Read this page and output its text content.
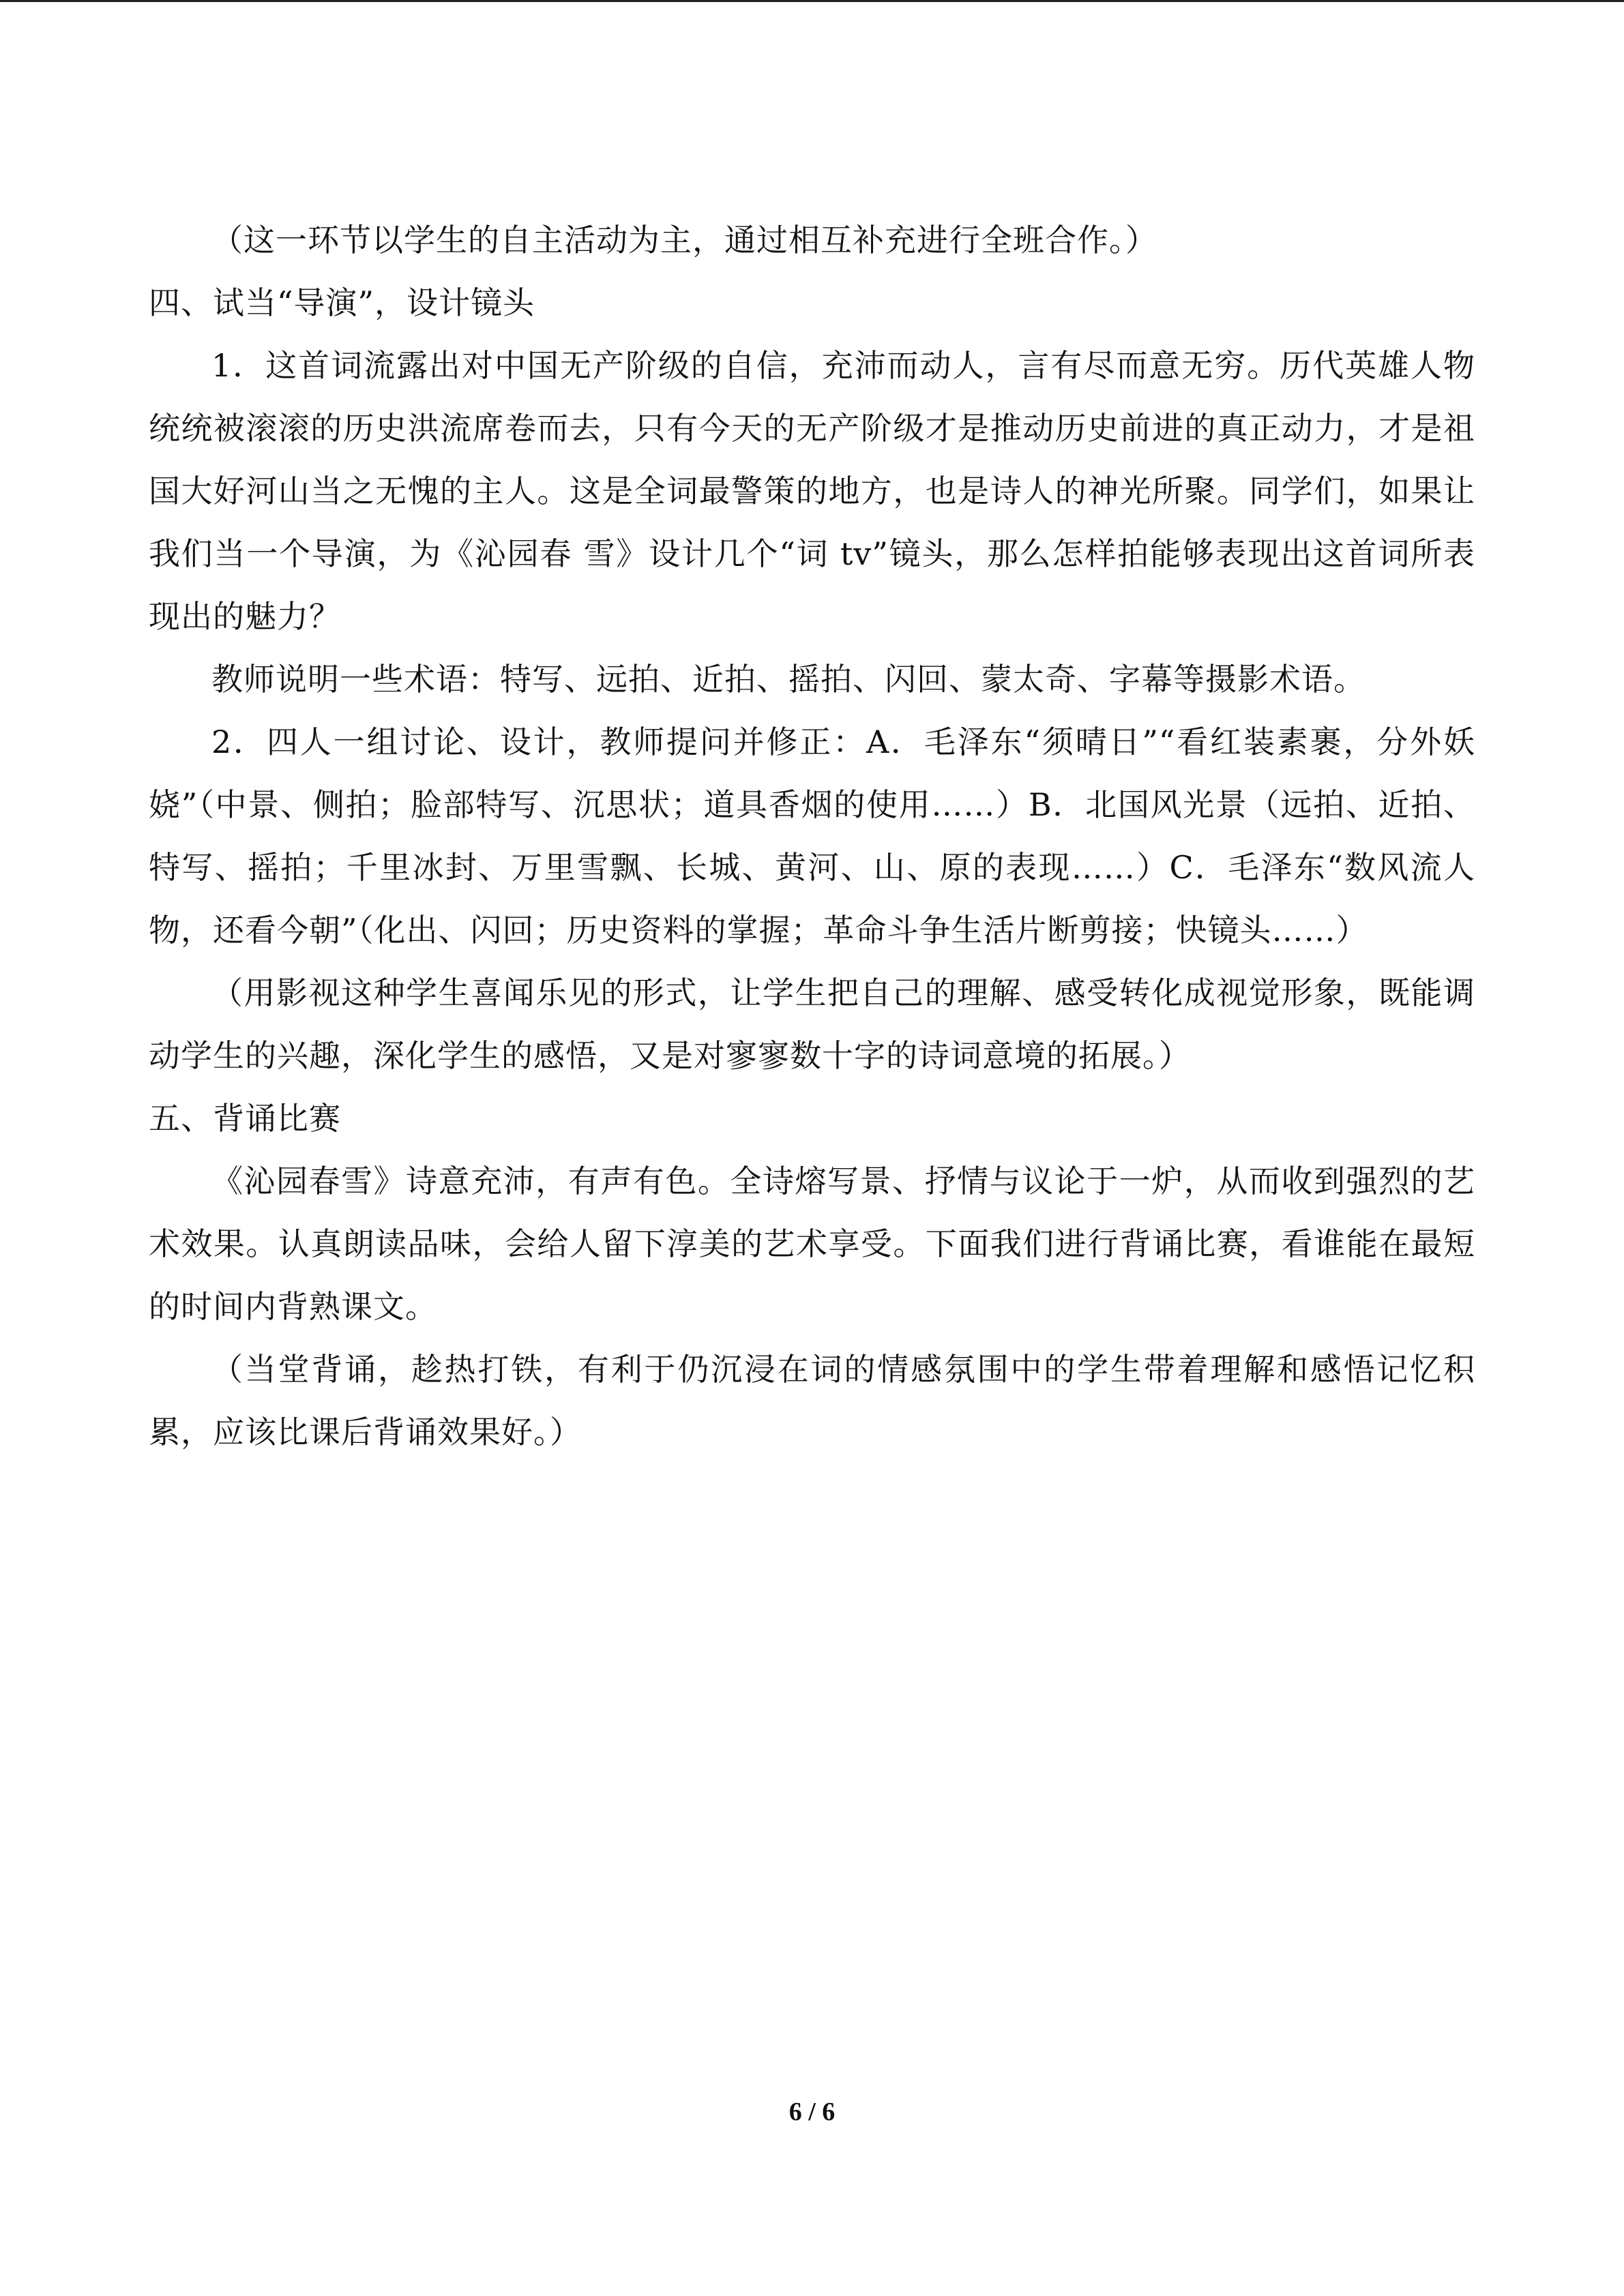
（这一环节以学生的自主活动为主，通过相互补充进行全班合作。）
四、试当“导演”，设计镜头
1．这首词流露出对中国无产阶级的自信，充沛而动人，言有尽而意无穷。历代英雄人物统统被滚滚的历史洪流席卷而去，只有今天的无产阶级才是推动历史前进的真正动力，才是祖国大好河山当之无愧的主人。这是全词最警策的地方，也是诗人的神光所聚。同学们，如果让我们当一个导演，为《沁园春 雪》设计几个“词 tv”镜头，那么怎样拍能够表现出这首词所表现出的魅力？
教师说明一些术语：特写、远拍、近拍、摇拍、闪回、蒙太奇、字幕等摄影术语。
2．四人一组讨论、设计，教师提问并修正：A．毛泽东“须晴日”“看红装素裹，分外妖娆”（中景、侧拍；脸部特写、沉思状；道具香烟的使用……）B．北国风光景（远拍、近拍、特写、摇拍；千里冰封、万里雪飘、长城、黄河、山、原的表现……）C．毛泽东“数风流人物，还看今朝”（化出、闪回；历史资料的掌握；革命斗争生活片断剪接；快镜头……）
（用影视这种学生喜闻乐见的形式，让学生把自己的理解、感受转化成视觉形象，既能调动学生的兴趣，深化学生的感悟，又是对寥寥数十字的诗词意境的拓展。）
五、背诵比赛
《沁园春雪》诗意充沛，有声有色。全诗熔写景、抒情与议论于一炉，从而收到强烈的艺术效果。认真朗读品味，会给人留下淳美的艺术享受。下面我们进行背诵比赛，看谁能在最短的时间内背熟课文。
（当堂背诵，趁热打铁，有利于仍沉浸在词的情感氛围中的学生带着理解和感悟记忆积累，应该比课后背诵效果好。）
6 / 6
